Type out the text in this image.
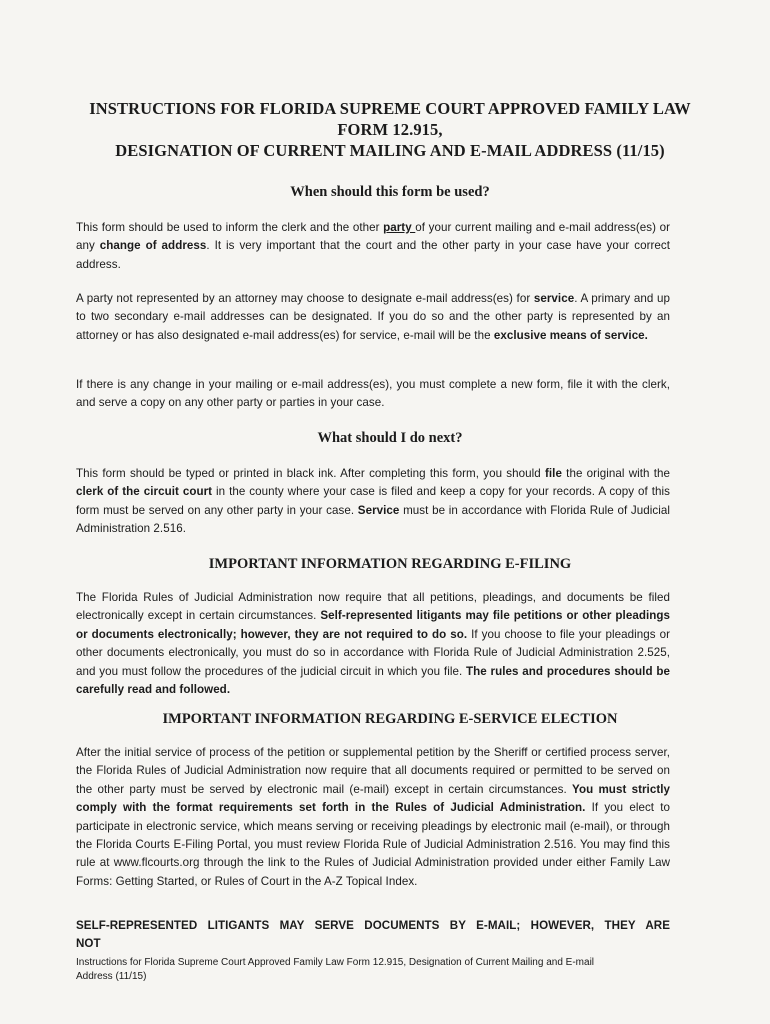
INSTRUCTIONS FOR FLORIDA SUPREME COURT APPROVED FAMILY LAW
FORM 12.915,
DESIGNATION OF CURRENT MAILING AND E-MAIL ADDRESS (11/15)
When should this form be used?
This form should be used to inform the clerk and the other party of your current mailing and e-mail address(es) or any change of address. It is very important that the court and the other party in your case have your correct address.
A party not represented by an attorney may choose to designate e-mail address(es) for service. A primary and up to two secondary e-mail addresses can be designated. If you do so and the other party is represented by an attorney or has also designated e-mail address(es) for service, e-mail will be the exclusive means of service.
If there is any change in your mailing or e-mail address(es), you must complete a new form, file it with the clerk, and serve a copy on any other party or parties in your case.
What should I do next?
This form should be typed or printed in black ink. After completing this form, you should file the original with the clerk of the circuit court in the county where your case is filed and keep a copy for your records. A copy of this form must be served on any other party in your case. Service must be in accordance with Florida Rule of Judicial Administration 2.516.
IMPORTANT INFORMATION REGARDING E-FILING
The Florida Rules of Judicial Administration now require that all petitions, pleadings, and documents be filed electronically except in certain circumstances. Self-represented litigants may file petitions or other pleadings or documents electronically; however, they are not required to do so. If you choose to file your pleadings or other documents electronically, you must do so in accordance with Florida Rule of Judicial Administration 2.525, and you must follow the procedures of the judicial circuit in which you file. The rules and procedures should be carefully read and followed.
IMPORTANT INFORMATION REGARDING E-SERVICE ELECTION
After the initial service of process of the petition or supplemental petition by the Sheriff or certified process server, the Florida Rules of Judicial Administration now require that all documents required or permitted to be served on the other party must be served by electronic mail (e-mail) except in certain circumstances. You must strictly comply with the format requirements set forth in the Rules of Judicial Administration. If you elect to participate in electronic service, which means serving or receiving pleadings by electronic mail (e-mail), or through the Florida Courts E-Filing Portal, you must review Florida Rule of Judicial Administration 2.516. You may find this rule at www.flcourts.org through the link to the Rules of Judicial Administration provided under either Family Law Forms: Getting Started, or Rules of Court in the A-Z Topical Index.
SELF-REPRESENTED LITIGANTS MAY SERVE DOCUMENTS BY E-MAIL; HOWEVER, THEY ARE NOT
Instructions for Florida Supreme Court Approved Family Law Form 12.915, Designation of Current Mailing and E-mail
Address (11/15)
